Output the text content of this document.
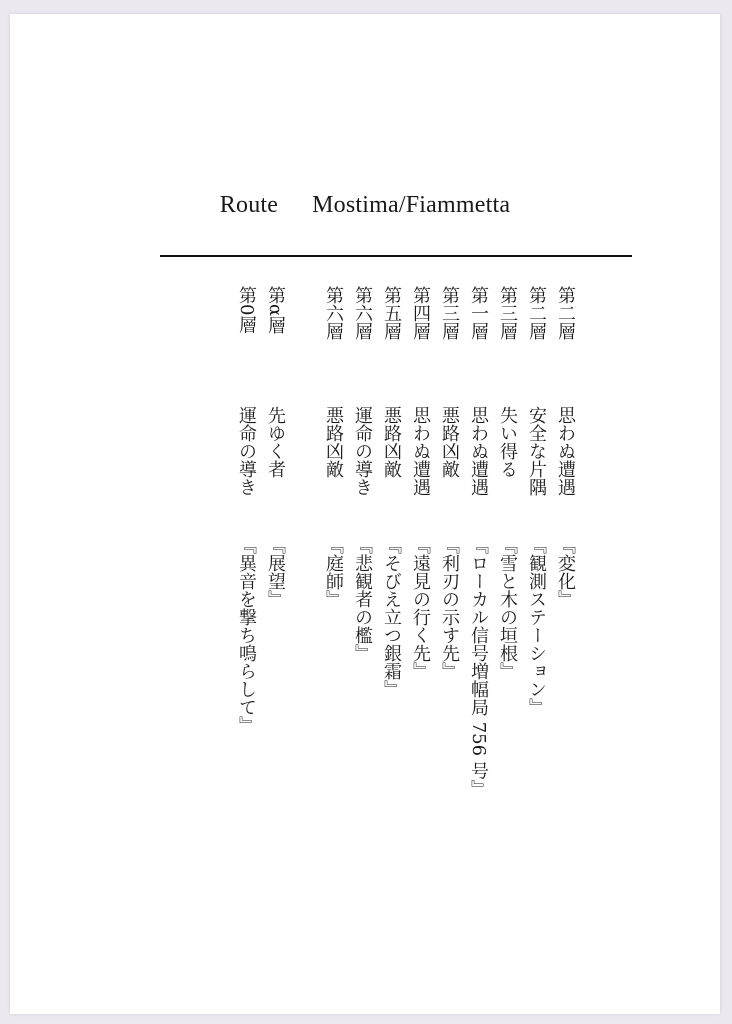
Route Mostima/Fiammetta
第二層思わぬ遭遇『変化』
第二層安全な片隅『観測ステーション』
第三層失い得る『雪と木の垣根』
第一層思わぬ遭遇『ローカル信号増幅局 756 号』
第三層悪路凶敵『利刃の示す先』
第四層思わぬ遭遇『遠見の行く先』
第五層悪路凶敵『そびえ立つ銀霜』
第六層運命の導き『悲観者の檻』
第六層悪路凶敵『庭師』
第α層先ゆく者『展望』
第0層運命の導き『異音を撃ち鳴らして』
